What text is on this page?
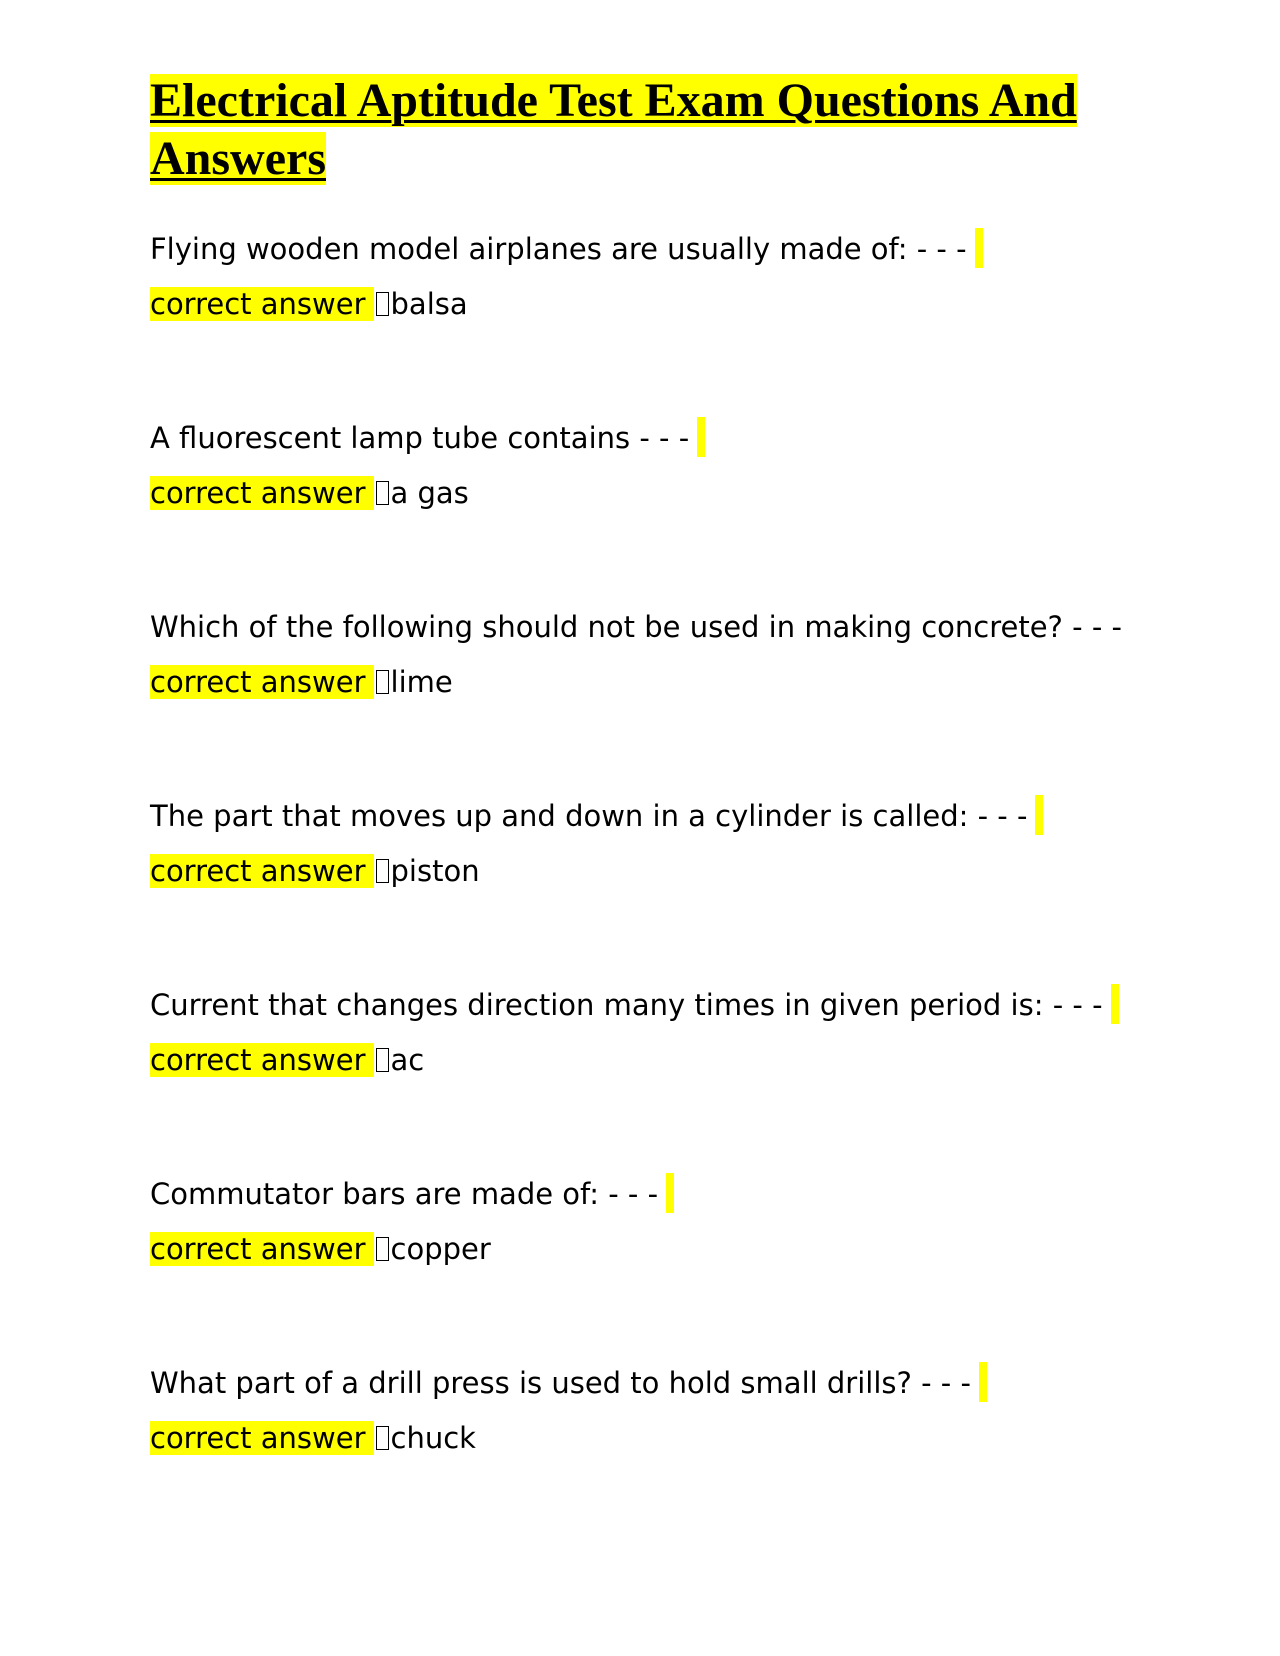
Electrical Aptitude Test Exam Questions And Answers
Flying wooden model airplanes are usually made of: - - -
correct answer balsa
A fluorescent lamp tube contains - - -
correct answer a gas
Which of the following should not be used in making concrete? - - -
correct answer lime
The part that moves up and down in a cylinder is called: - - -
correct answer piston
Current that changes direction many times in given period is: - - -
correct answer ac
Commutator bars are made of: - - -
correct answer copper
What part of a drill press is used to hold small drills? - - -
correct answer chuck
